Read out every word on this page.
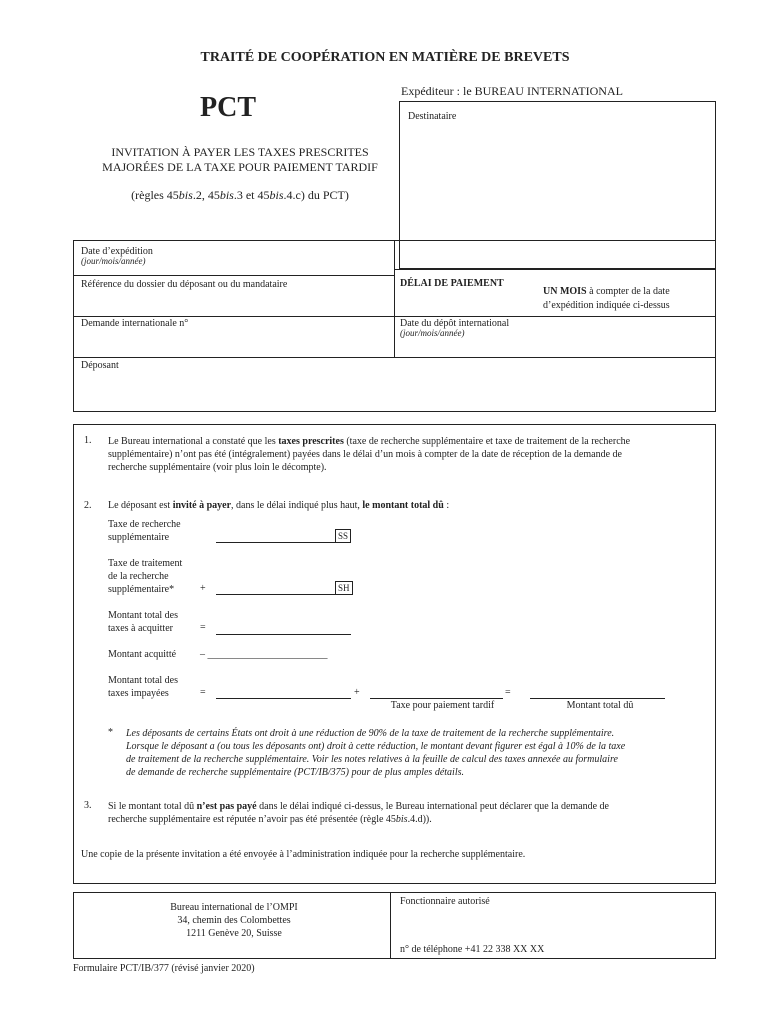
TRAITÉ DE COOPÉRATION EN MATIÈRE DE BREVETS
PCT
INVITATION À PAYER LES TAXES PRESCRITES
MAJORÉES DE LA TAXE POUR PAIEMENT TARDIF
(règles 45bis.2, 45bis.3 et 45bis.4.c) du PCT)
Expéditeur : le BUREAU INTERNATIONAL
Destinataire
Date d’expédition
(jour/mois/année)
Référence du dossier du déposant ou du mandataire	DÉLAI DE PAIEMENT
UN MOIS à compter de la date
d’expédition indiquée ci-dessus
Demande internationale n°	Date du dépôt international
(jour/mois/année)
Déposant
1. Le Bureau international a constaté que les taxes prescrites (taxe de recherche supplémentaire et taxe de traitement de la recherche
supplémentaire) n’ont pas été (intégralement) payées dans le délai d’un mois à compter de la date de réception de la demande de
recherche supplémentaire (voir plus loin le décompte).
2. Le déposant est invité à payer, dans le délai indiqué plus haut, le montant total dû :
Taxe de recherche
supplémentaire	SS
Taxe de traitement
de la recherche
supplémentaire*	+	SH
Montant total des
taxes à acquitter	=
Montant acquitté – ________________________
Montant total des
taxes impayées	=	+	=
Taxe pour paiement tardif	Montant total dû
* Les déposants de certains États ont droit à une réduction de 90% de la taxe de traitement de la recherche supplémentaire.
Lorsque le déposant a (ou tous les déposants ont) droit à cette réduction, le montant devant figurer est égal à 10% de la taxe
de traitement de la recherche supplémentaire. Voir les notes relatives à la feuille de calcul des taxes annexée au formulaire
de demande de recherche supplémentaire (PCT/IB/375) pour de plus amples détails.
3. Si le montant total dû n’est pas payé dans le délai indiqué ci-dessus, le Bureau international peut déclarer que la demande de
recherche supplémentaire est réputée n’avoir pas été présentée (règle 45bis.4.d)).
Une copie de la présente invitation a été envoyée à l’administration indiquée pour la recherche supplémentaire.
Bureau international de l’OMPI
34, chemin des Colombettes
1211 Genève 20, Suisse
Fonctionnaire autorisé
n° de téléphone +41 22 338 XX XX
Formulaire PCT/IB/377 (révisé janvier 2020)
